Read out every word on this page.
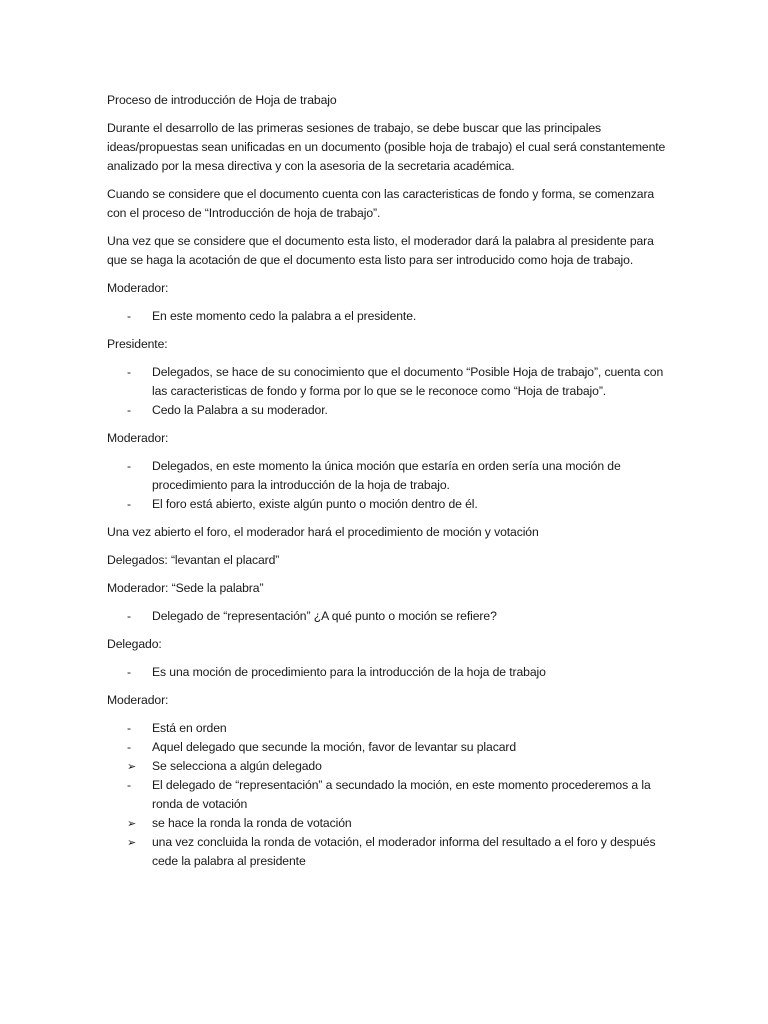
Proceso de introducción de Hoja de trabajo

Durante el desarrollo de las primeras sesiones de trabajo, se debe buscar que las principales ideas/propuestas sean unificadas en un documento (posible hoja de trabajo) el cual será constantemente analizado por la mesa directiva y con la asesoria de la secretaria académica.

Cuando se considere que el documento cuenta con las caracteristicas de fondo y forma, se comenzara con el proceso de “Introducción de hoja de trabajo”.

Una vez que se considere que el documento esta listo, el moderador dará la palabra al presidente para que se haga la acotación de que el documento esta listo para ser introducido como hoja de trabajo.

Moderador:

-
En este momento cedo la palabra a el presidente.

Presidente:

-
Delegados, se hace de su conocimiento que el documento “Posible Hoja de trabajo”, cuenta con las caracteristicas de fondo y forma por lo que se le reconoce como “Hoja de trabajo”.
-
Cedo la Palabra a su moderador.

Moderador:

-
Delegados, en este momento la única moción que estaría en orden sería una moción de procedimiento para la introducción de la hoja de trabajo.
-
El foro está abierto, existe algún punto o moción dentro de él.

Una vez abierto el foro, el moderador hará el procedimiento de moción y votación

Delegados: “levantan el placard”

Moderador: “Sede la palabra”

-
Delegado de “representación” ¿A qué punto o moción se refiere?

Delegado:

-
Es una moción de procedimiento para la introducción de la hoja de trabajo

Moderador:

-
Está en orden
-
Aquel delegado que secunde la moción, favor de levantar su placard
➢
Se selecciona a algún delegado
-
El delegado de “representación” a secundado la moción, en este momento procederemos a la ronda de votación
➢
se hace la ronda la ronda de votación
➢
una vez concluida la ronda de votación, el moderador informa del resultado a el foro y después cede la palabra al presidente
